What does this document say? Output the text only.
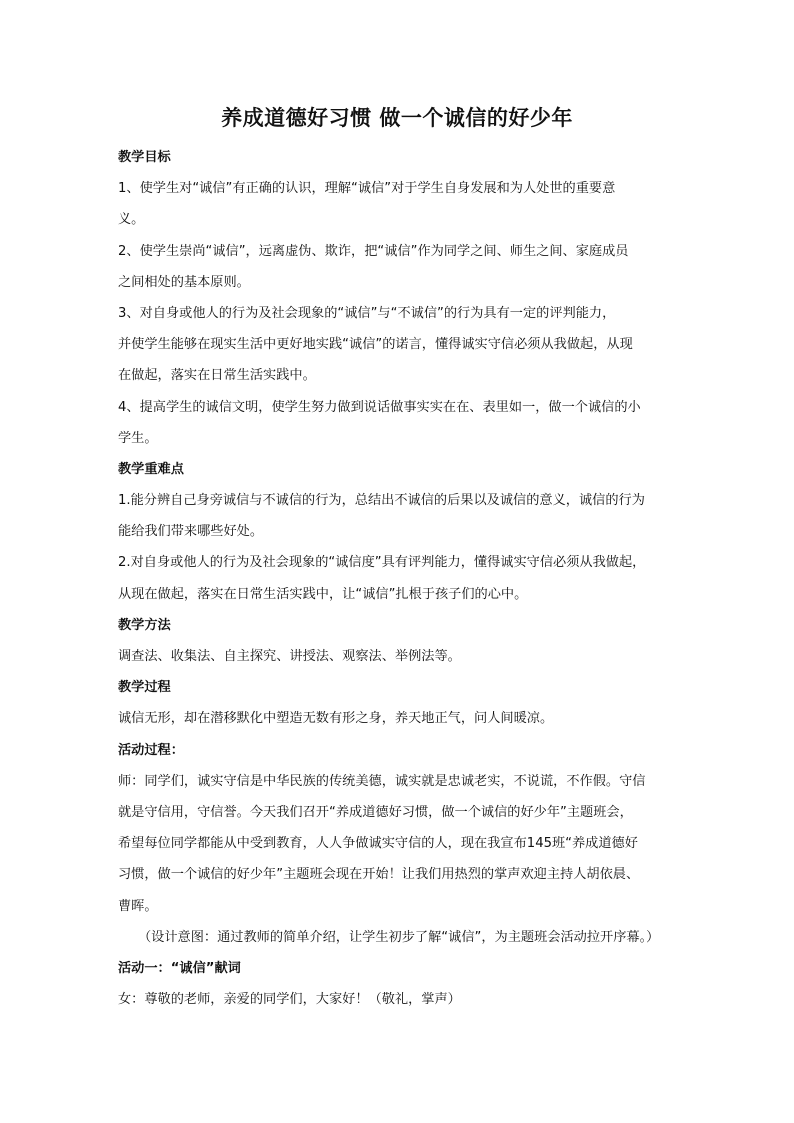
养成道德好习惯 做一个诚信的好少年
教学目标
1、使学生对“诚信”有正确的认识，理解“诚信”对于学生自身发展和为人处世的重要意
义。
2、使学生崇尚“诚信”，远离虚伪、欺诈，把“诚信”作为同学之间、师生之间、家庭成员
之间相处的基本原则。
3、对自身或他人的行为及社会现象的“诚信”与“不诚信”的行为具有一定的评判能力，
并使学生能够在现实生活中更好地实践“诚信”的诺言，懂得诚实守信必须从我做起，从现
在做起，落实在日常生活实践中。
4、提高学生的诚信文明，使学生努力做到说话做事实实在在、表里如一，做一个诚信的小
学生。
教学重难点
1.能分辨自己身旁诚信与不诚信的行为，总结出不诚信的后果以及诚信的意义，诚信的行为
能给我们带来哪些好处。
2.对自身或他人的行为及社会现象的“诚信度”具有评判能力，懂得诚实守信必须从我做起，
从现在做起，落实在日常生活实践中，让“诚信”扎根于孩子们的心中。
教学方法
调查法、收集法、自主探究、讲授法、观察法、举例法等。
教学过程
诚信无形，却在潜移默化中塑造无数有形之身，养天地正气，问人间暖凉。
活动过程：
师：同学们，诚实守信是中华民族的传统美德，诚实就是忠诚老实，不说谎，不作假。守信
就是守信用，守信誉。今天我们召开“养成道德好习惯，做一个诚信的好少年”主题班会，
希望每位同学都能从中受到教育，人人争做诚实守信的人，现在我宣布145班“养成道德好
习惯，做一个诚信的好少年”主题班会现在开始！让我们用热烈的掌声欢迎主持人胡依晨、
曹晖。
（设计意图：通过教师的简单介绍，让学生初步了解“诚信”，为主题班会活动拉开序幕。）
活动一：“诚信”献词
女：尊敬的老师，亲爱的同学们，大家好！（敬礼，掌声）
